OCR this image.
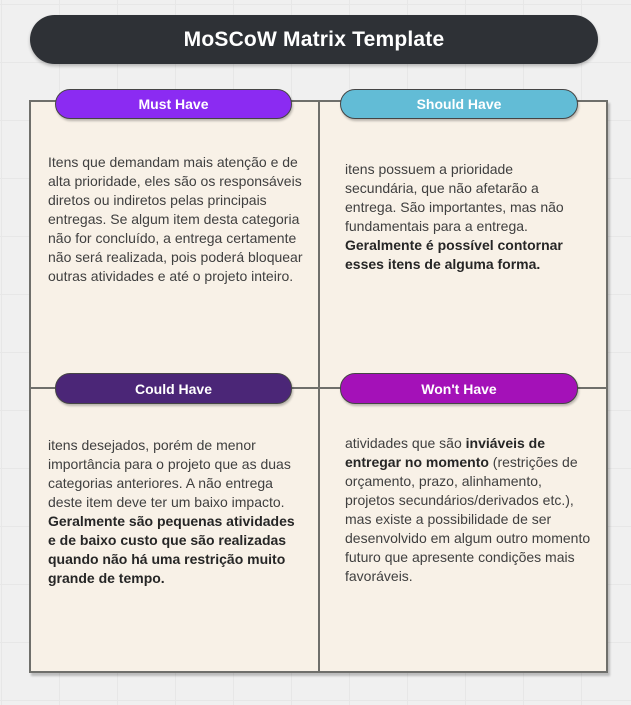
MoSCoW Matrix Template
Must Have	Should Have
Could Have	Won't Have
Itens que demandam mais atenção e de alta prioridade, eles são os responsáveis diretos ou indiretos pelas principais entregas. Se algum item desta categoria não for concluído, a entrega certamente não será realizada, pois poderá bloquear outras atividades e até o projeto inteiro.
itens possuem a prioridade secundária, que não afetarão a entrega. São importantes, mas não fundamentais para a entrega. Geralmente é possível contornar esses itens de alguma forma.
itens desejados, porém de menor importância para o projeto que as duas categorias anteriores. A não entrega deste item deve ter um baixo impacto. Geralmente são pequenas atividades e de baixo custo que são realizadas quando não há uma restrição muito grande de tempo.
atividades que são inviáveis de entregar no momento (restrições de orçamento, prazo, alinhamento, projetos secundários/derivados etc.), mas existe a possibilidade de ser desenvolvido em algum outro momento futuro que apresente condições mais favoráveis.
